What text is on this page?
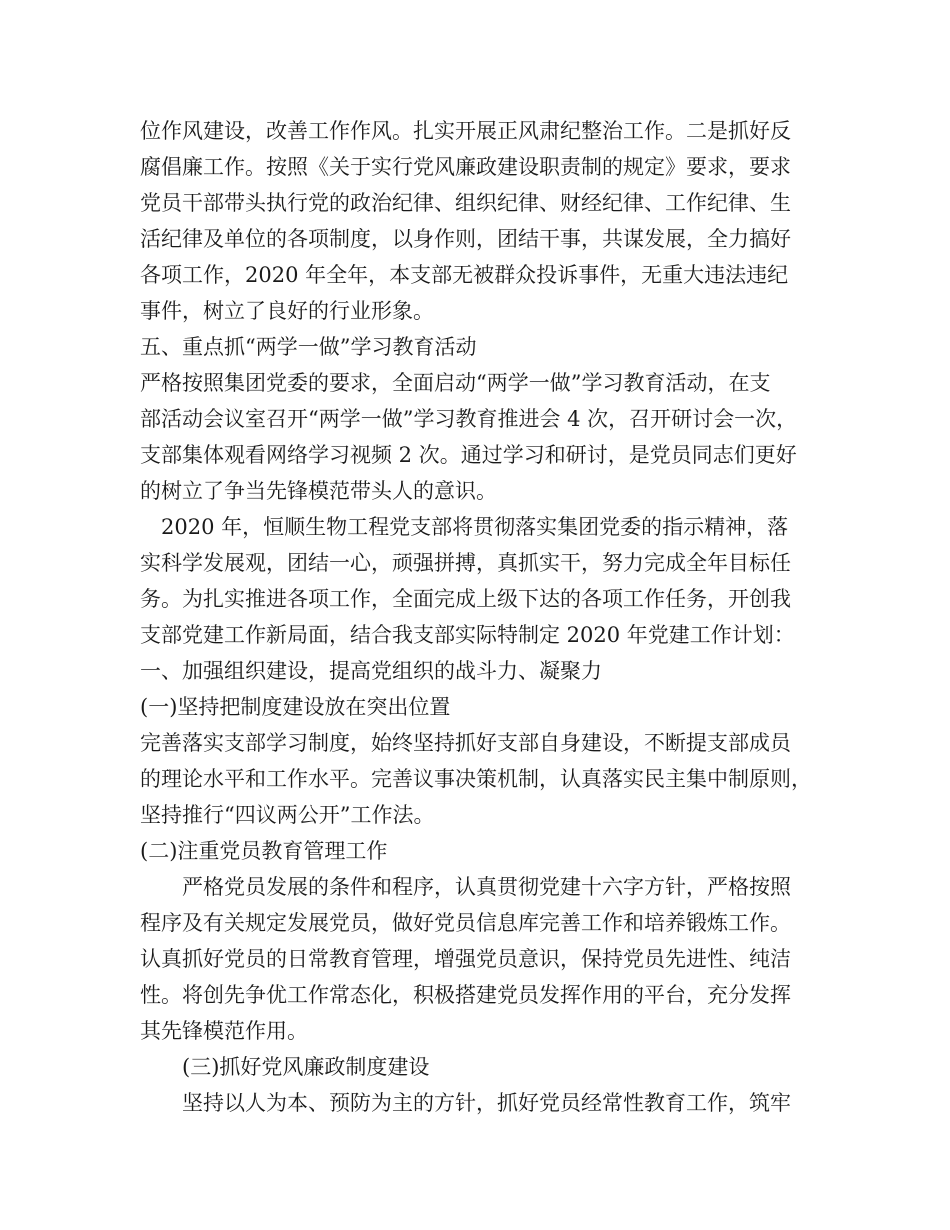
位作风建设，改善工作作风。扎实开展正风肃纪整治工作。二是抓好反
腐倡廉工作。按照《关于实行党风廉政建设职责制的规定》要求，要求
党员干部带头执行党的政治纪律、组织纪律、财经纪律、工作纪律、生
活纪律及单位的各项制度，以身作则，团结干事，共谋发展，全力搞好
各项工作，2020 年全年，本支部无被群众投诉事件，无重大违法违纪
事件，树立了良好的行业形象。
五、重点抓“两学一做”学习教育活动
严格按照集团党委的要求，全面启动“两学一做”学习教育活动，在支
部活动会议室召开“两学一做”学习教育推进会 4 次，召开研讨会一次，
支部集体观看网络学习视频 2 次。通过学习和研讨，是党员同志们更好
的树立了争当先锋模范带头人的意识。
2020 年，恒顺生物工程党支部将贯彻落实集团党委的指示精神，落
实科学发展观，团结一心，顽强拼搏，真抓实干，努力完成全年目标任
务。为扎实推进各项工作，全面完成上级下达的各项工作任务，开创我
支部党建工作新局面，结合我支部实际特制定 2020 年党建工作计划：
一、加强组织建设，提高党组织的战斗力、凝聚力
(一)坚持把制度建设放在突出位置
完善落实支部学习制度，始终坚持抓好支部自身建设，不断提支部成员
的理论水平和工作水平。完善议事决策机制，认真落实民主集中制原则，
坚持推行“四议两公开”工作法。
(二)注重党员教育管理工作
严格党员发展的条件和程序，认真贯彻党建十六字方针，严格按照
程序及有关规定发展党员，做好党员信息库完善工作和培养锻炼工作。
认真抓好党员的日常教育管理，增强党员意识，保持党员先进性、纯洁
性。将创先争优工作常态化，积极搭建党员发挥作用的平台，充分发挥
其先锋模范作用。
(三)抓好党风廉政制度建设
坚持以人为本、预防为主的方针，抓好党员经常性教育工作，筑牢
